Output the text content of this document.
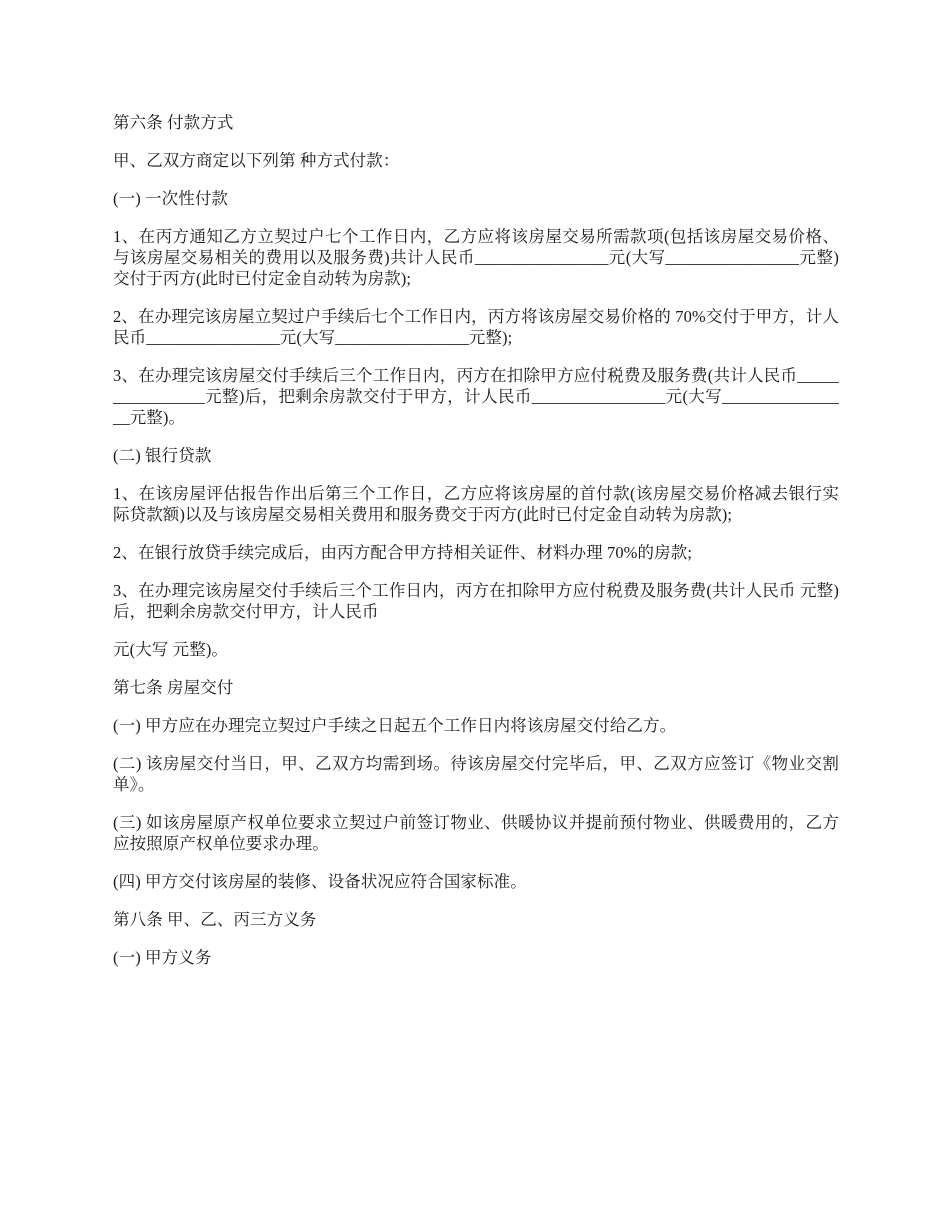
第六条 付款方式

甲、乙双方商定以下列第 种方式付款：

(一) 一次性付款

1、在丙方通知乙方立契过户七个工作日内，乙方应将该房屋交易所需款项(包括该房屋交易价格、与该房屋交易相关的费用以及服务费)共计人民币________________元(大写________________元整)交付于丙方(此时已付定金自动转为房款);

2、在办理完该房屋立契过户手续后七个工作日内，丙方将该房屋交易价格的 70%交付于甲方，计人民币________________元(大写________________元整);

3、在办理完该房屋交付手续后三个工作日内，丙方在扣除甲方应付税费及服务费(共计人民币________________元整)后，把剩余房款交付于甲方，计人民币________________元(大写________________元整)。

(二) 银行贷款

1、在该房屋评估报告作出后第三个工作日，乙方应将该房屋的首付款(该房屋交易价格减去银行实际贷款额)以及与该房屋交易相关费用和服务费交于丙方(此时已付定金自动转为房款);

2、在银行放贷手续完成后，由丙方配合甲方持相关证件、材料办理 70%的房款;

3、在办理完该房屋交付手续后三个工作日内，丙方在扣除甲方应付税费及服务费(共计人民币 元整)后，把剩余房款交付甲方，计人民币

元(大写 元整)。

第七条 房屋交付

(一) 甲方应在办理完立契过户手续之日起五个工作日内将该房屋交付给乙方。

(二) 该房屋交付当日，甲、乙双方均需到场。待该房屋交付完毕后，甲、乙双方应签订《物业交割单》。

(三) 如该房屋原产权单位要求立契过户前签订物业、供暖协议并提前预付物业、供暖费用的，乙方应按照原产权单位要求办理。

(四) 甲方交付该房屋的装修、设备状况应符合国家标准。

第八条 甲、乙、丙三方义务

(一) 甲方义务
